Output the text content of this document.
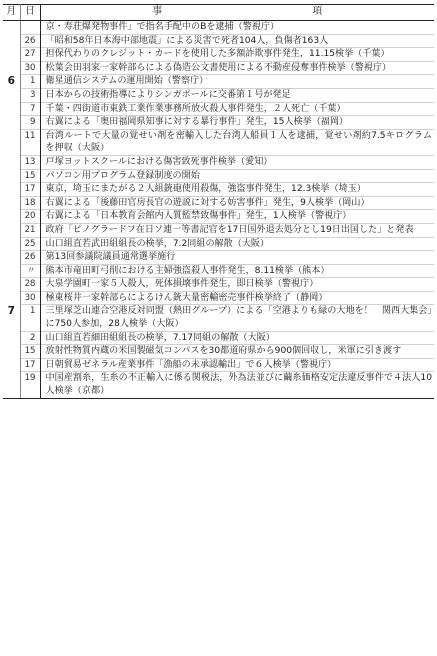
月	日	事 項

		京・寿荘爆発物事件」で指名手配中のBを逮捕（警視庁）

	26	「昭和58年日本海中部地震」による災害で死者104人，負傷者163人

	27	担保代わりのクレジット・カードを使用した多額詐欺事件発生，11.15検挙（千葉）

	30	松葉会田羽家一家幹部らによる偽造公文書使用による不動産侵奪事件検挙（警視庁）

6	1	衛星通信システムの運用開始（警察庁）

	3	日本からの技術指導によりシンガポールに交番第１号が発足

	7	千葉・四街道市東鉄工業作業事務所放火殺人事件発生，２人死亡（千葉）

	9	右翼による「奥田福岡県知事に対する暴行事件」発生，15人検挙（福岡）

	11	台湾ルートで大量の覚せい剤を密輸入した台湾人船員１人を逮捕，覚せい剤約7.5キログラムを押収（大阪）

	13	戸塚ヨットスクールにおける傷害致死事件検挙（愛知）

	15	パソコン用プログラム登録制度の開始

	17	東京，埼玉にまたがる２人組銃砲使用殺傷，強盗事件発生，12.3検挙（埼玉）

	18	右翼による「後藤田官房長官の遊説に対する妨害事件」発生，9人検挙（岡山）

	20	右翼による「日本教育会館内人質監禁致傷事件」発生，1人検挙（警視庁）

	21	政府「ピノグラードフ在日ソ連一等書記官を17日国外退去処分とし19日出国した」と発表

	25	山口組直若武田組組長の検挙，7.2同組の解散（大阪）

	26	第13回参議院議員通常選挙施行

	〃	熊本市竜田町弓削における主婦強盗殺人事件発生，8.11検挙（熊本）

	28	大泉学園町一家５人殺人，死体損壊事件発生，即日検挙（警視庁）

	30	極東桜井一家幹部らによるけん銃大量密輸密売事件検挙終了（静岡）

7	1	三里塚芝山連合空港反対同盟（熱田グループ）による「空港よりも緑の大地を！　関西大集会」に750人参加，28人検挙（大阪）

	2	山口組直若細田組組長の検挙，7.17同組の解散（大阪）

	15	放射性物質内蔵の米国製磁気コンパスを30都道府県から900個回収し，米軍に引き渡す

	17	日朝貿易ゼネラル産業事件「漁船の未承認輸出」で６人検挙（警視庁）

	19	中国産割糸，生糸の不正輸入に係る関税法，外為法並びに繭糸価格安定法違反事件で４法人10人検挙（京都）
